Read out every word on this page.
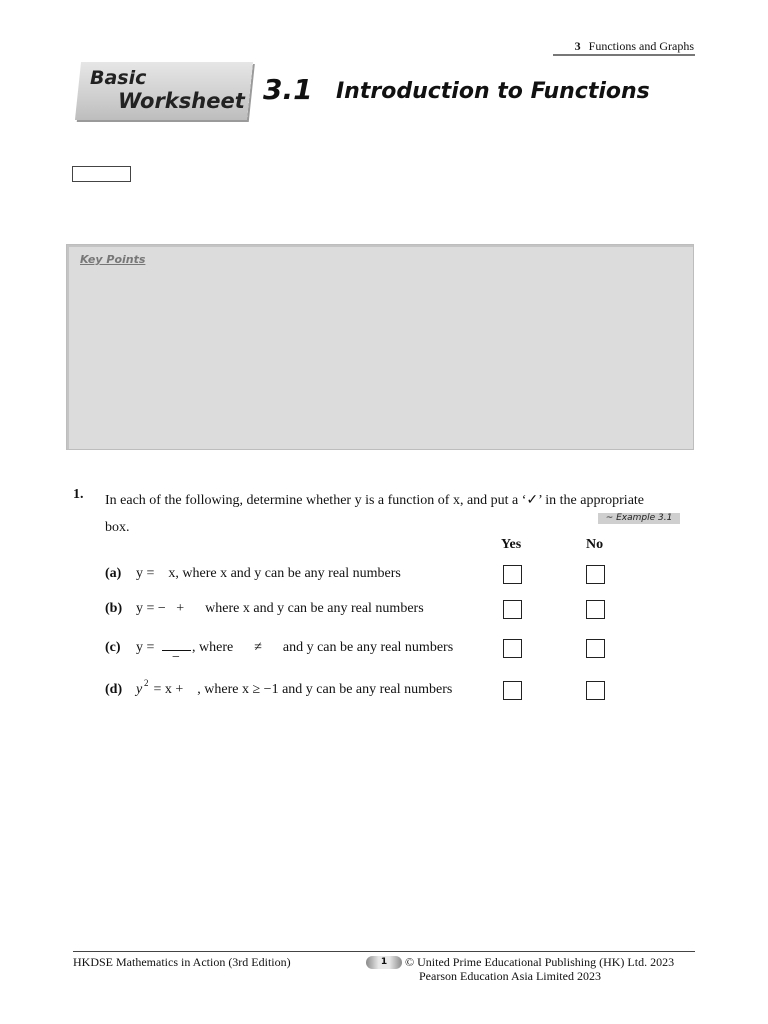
3 Functions and Graphs
Basic
Worksheet 3.1 Introduction to Functions
Key Points
1. In each of the following, determine whether y is a function of x, and put a ‘✓’ in the appropriate box.
~ Example 3.1
Yes	No
(a) y =    x, where x and y can be any real numbers
(b) y = −   +      where x and y can be any real numbers
(c) y =
−
, where      ≠      and y can be any real numbers
(d) y 2 = x +    , where x ≥ −1 and y can be any real numbers
HKDSE Mathematics in Action (3rd Edition)	1	© United Prime Educational Publishing (HK) Ltd. 2023
Pearson Education Asia Limited 2023
